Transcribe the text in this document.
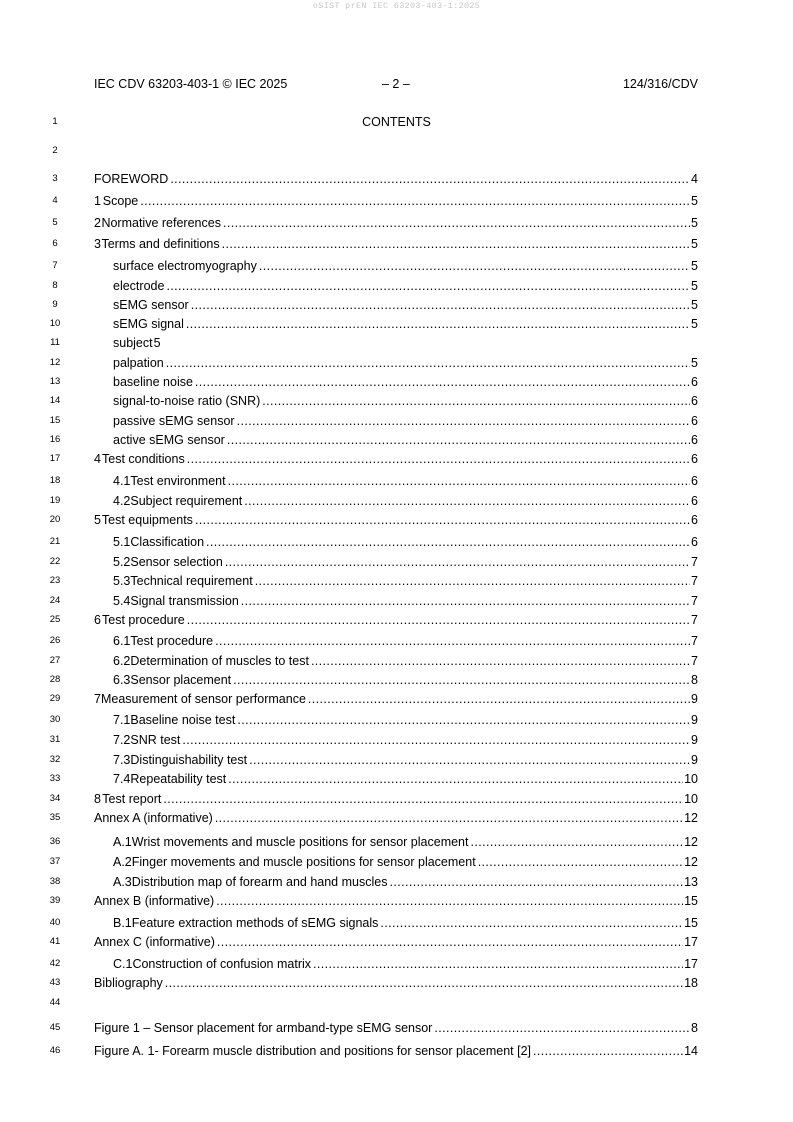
oSIST prEN IEC 63203-403-1:2025
IEC CDV 63203-403-1 © IEC 2025	– 2 –	124/316/CDV
1	CONTENTS
2
3	FOREWORD .....	4
4	1 Scope .....	5
5	2 Normative references .....	5
6	3 Terms and definitions .....	5
7	surface electromyography .....	5
8	electrode .....	5
9	sEMG sensor .....	5
10	sEMG signal .....	5
11	subject 5
12	palpation .....	5
13	baseline noise .....	6
14	signal-to-noise ratio (SNR) .....	6
15	passive sEMG sensor .....	6
16	active sEMG sensor .....	6
17	4 Test conditions .....	6
18	4.1 Test environment .....	6
19	4.2 Subject requirement .....	6
20	5 Test equipments .....	6
21	5.1 Classification .....	6
22	5.2 Sensor selection .....	7
23	5.3 Technical requirement .....	7
24	5.4 Signal transmission .....	7
25	6 Test procedure .....	7
26	6.1 Test procedure .....	7
27	6.2 Determination of muscles to test .....	7
28	6.3 Sensor placement .....	8
29	7 Measurement of sensor performance .....	9
30	7.1 Baseline noise test .....	9
31	7.2 SNR test .....	9
32	7.3 Distinguishability test .....	9
33	7.4 Repeatability test .....	10
34	8 Test report .....	10
35	Annex A (informative) .....	12
36	A.1 Wrist movements and muscle positions for sensor placement .....	12
37	A.2 Finger movements and muscle positions for sensor placement .....	12
38	A.3 Distribution map of forearm and hand muscles .....	13
39	Annex B (informative) .....	15
40	B.1 Feature extraction methods of sEMG signals .....	15
41	Annex C (informative) .....	17
42	C.1 Construction of confusion matrix .....	17
43	Bibliography .....	18
44
45	Figure 1 – Sensor placement for armband-type sEMG sensor .....	8
46	Figure A. 1- Forearm muscle distribution and positions for sensor placement [2] .....	14
